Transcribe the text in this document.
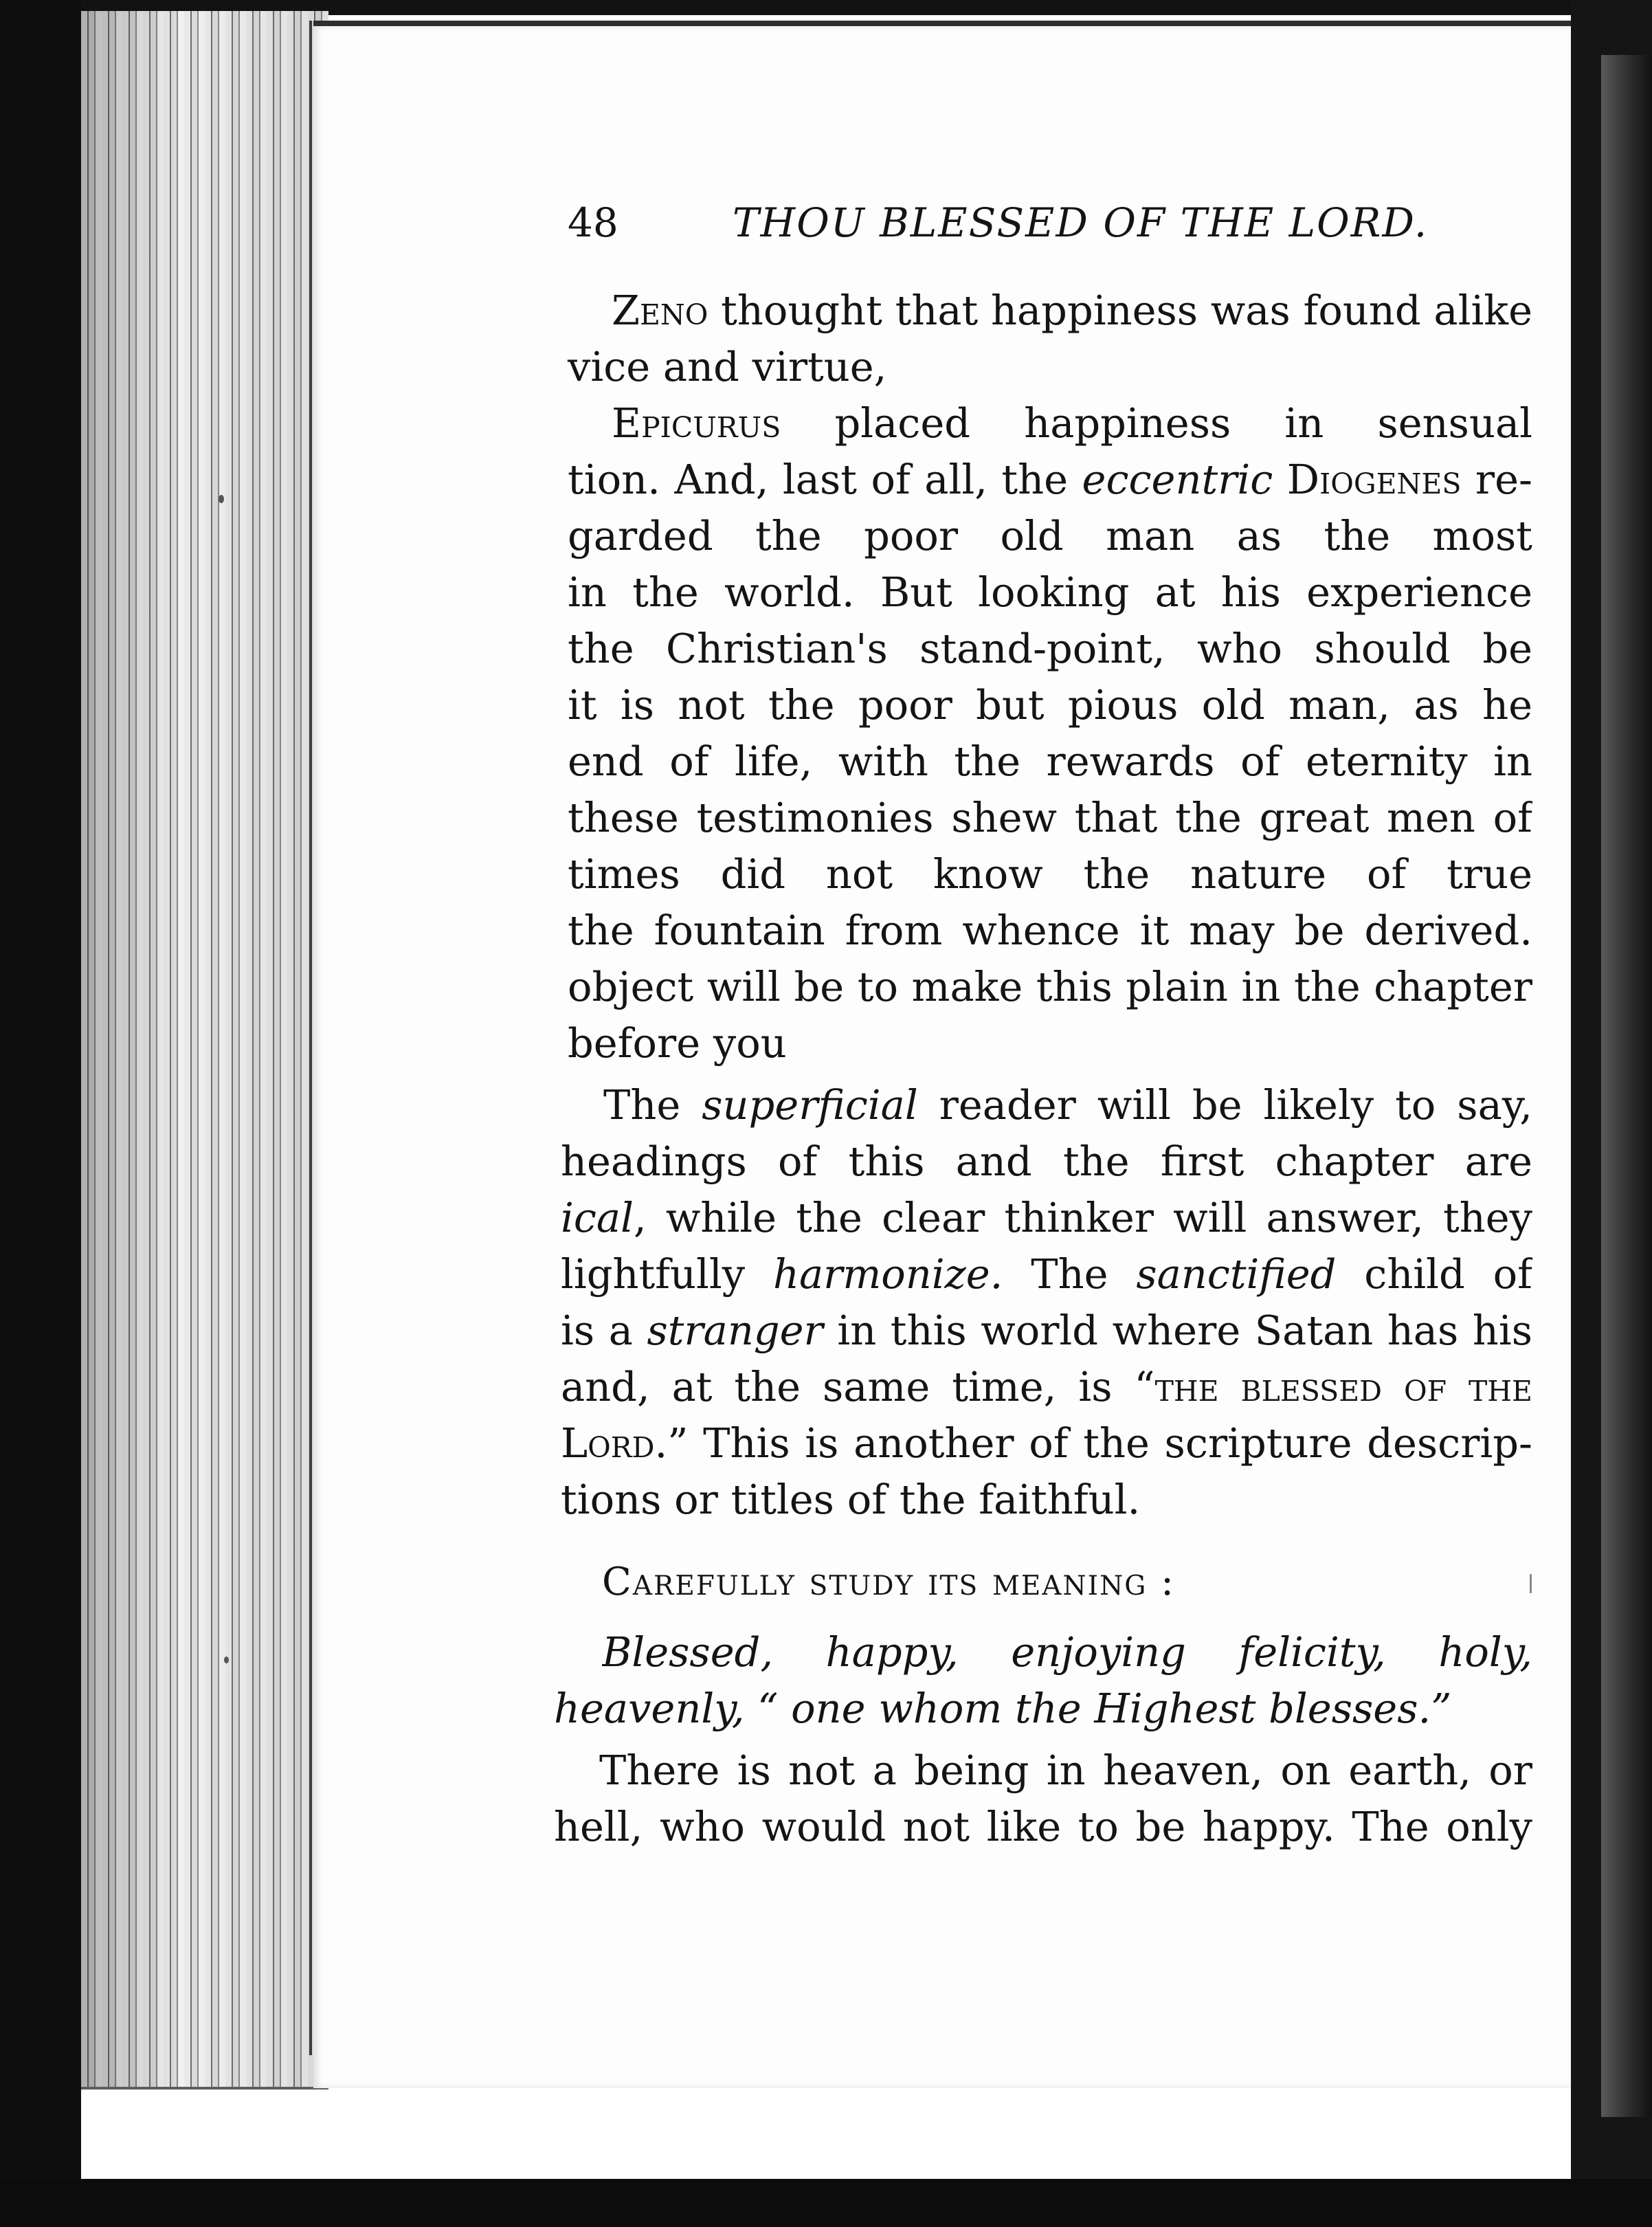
48	THOU BLESSED OF THE LORD.
Zeno thought that happiness was found alike
vice and virtue,
Epicurus placed happiness in sensual
tion. And, last of all, the eccentric Diogenes re-
garded the poor old man as the most
in the world. But looking at his experience
the Christian's stand-point, who should be
it is not the poor but pious old man, as he
end of life, with the rewards of eternity in
these testimonies shew that the great men of
times did not know the nature of true
the fountain from whence it may be derived.
object will be to make this plain in the chapter
before you
The superficial reader will be likely to say,
headings of this and the first chapter are
ical, while the clear thinker will answer, they
lightfully harmonize. The sanctified child of
is a stranger in this world where Satan has his
and, at the same time, is “the blessed of the
Lord.” This is another of the scripture descrip-
tions or titles of the faithful.
Carefully study its meaning :
Blessed, happy, enjoying felicity, holy,
heavenly, “ one whom the Highest blesses.”
There is not a being in heaven, on earth, or
hell, who would not like to be happy. The only
